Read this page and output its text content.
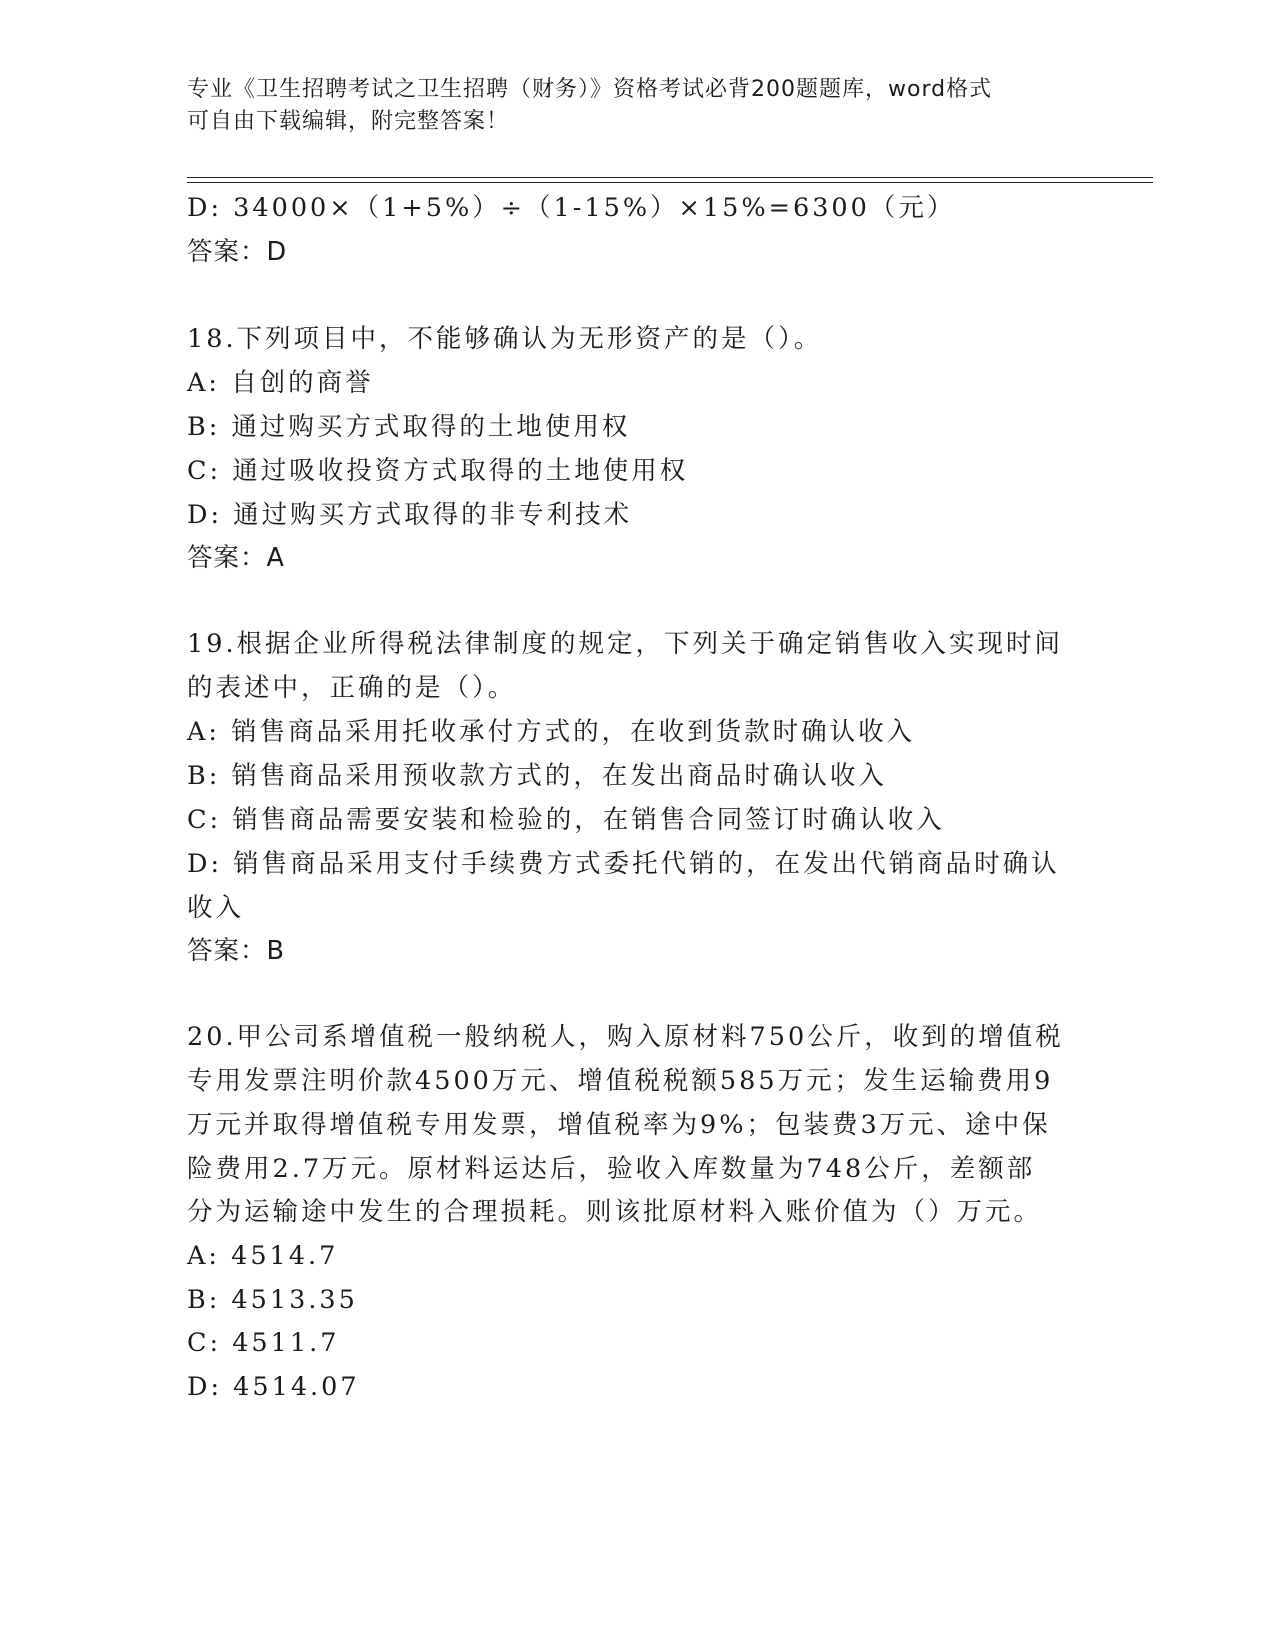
专业《卫生招聘考试之卫生招聘（财务）》资格考试必背200题题库，word格式
可自由下载编辑，附完整答案！
D: 34000×（1+5%）÷（1-15%）×15%=6300（元）
答案：D
18.下列项目中，不能够确认为无形资产的是（）。
A: 自创的商誉
B: 通过购买方式取得的土地使用权
C: 通过吸收投资方式取得的土地使用权
D: 通过购买方式取得的非专利技术
答案：A
19.根据企业所得税法律制度的规定，下列关于确定销售收入实现时间
的表述中，正确的是（）。
A: 销售商品采用托收承付方式的，在收到货款时确认收入
B: 销售商品采用预收款方式的，在发出商品时确认收入
C: 销售商品需要安装和检验的，在销售合同签订时确认收入
D: 销售商品采用支付手续费方式委托代销的，在发出代销商品时确认
收入
答案：B
20.甲公司系增值税一般纳税人，购入原材料750公斤，收到的增值税
专用发票注明价款4500万元、增值税税额585万元；发生运输费用9
万元并取得增值税专用发票，增值税率为9%；包装费3万元、途中保
险费用2.7万元。原材料运达后，验收入库数量为748公斤，差额部
分为运输途中发生的合理损耗。则该批原材料入账价值为（）万元。
A: 4514.7
B: 4513.35
C: 4511.7
D: 4514.07
